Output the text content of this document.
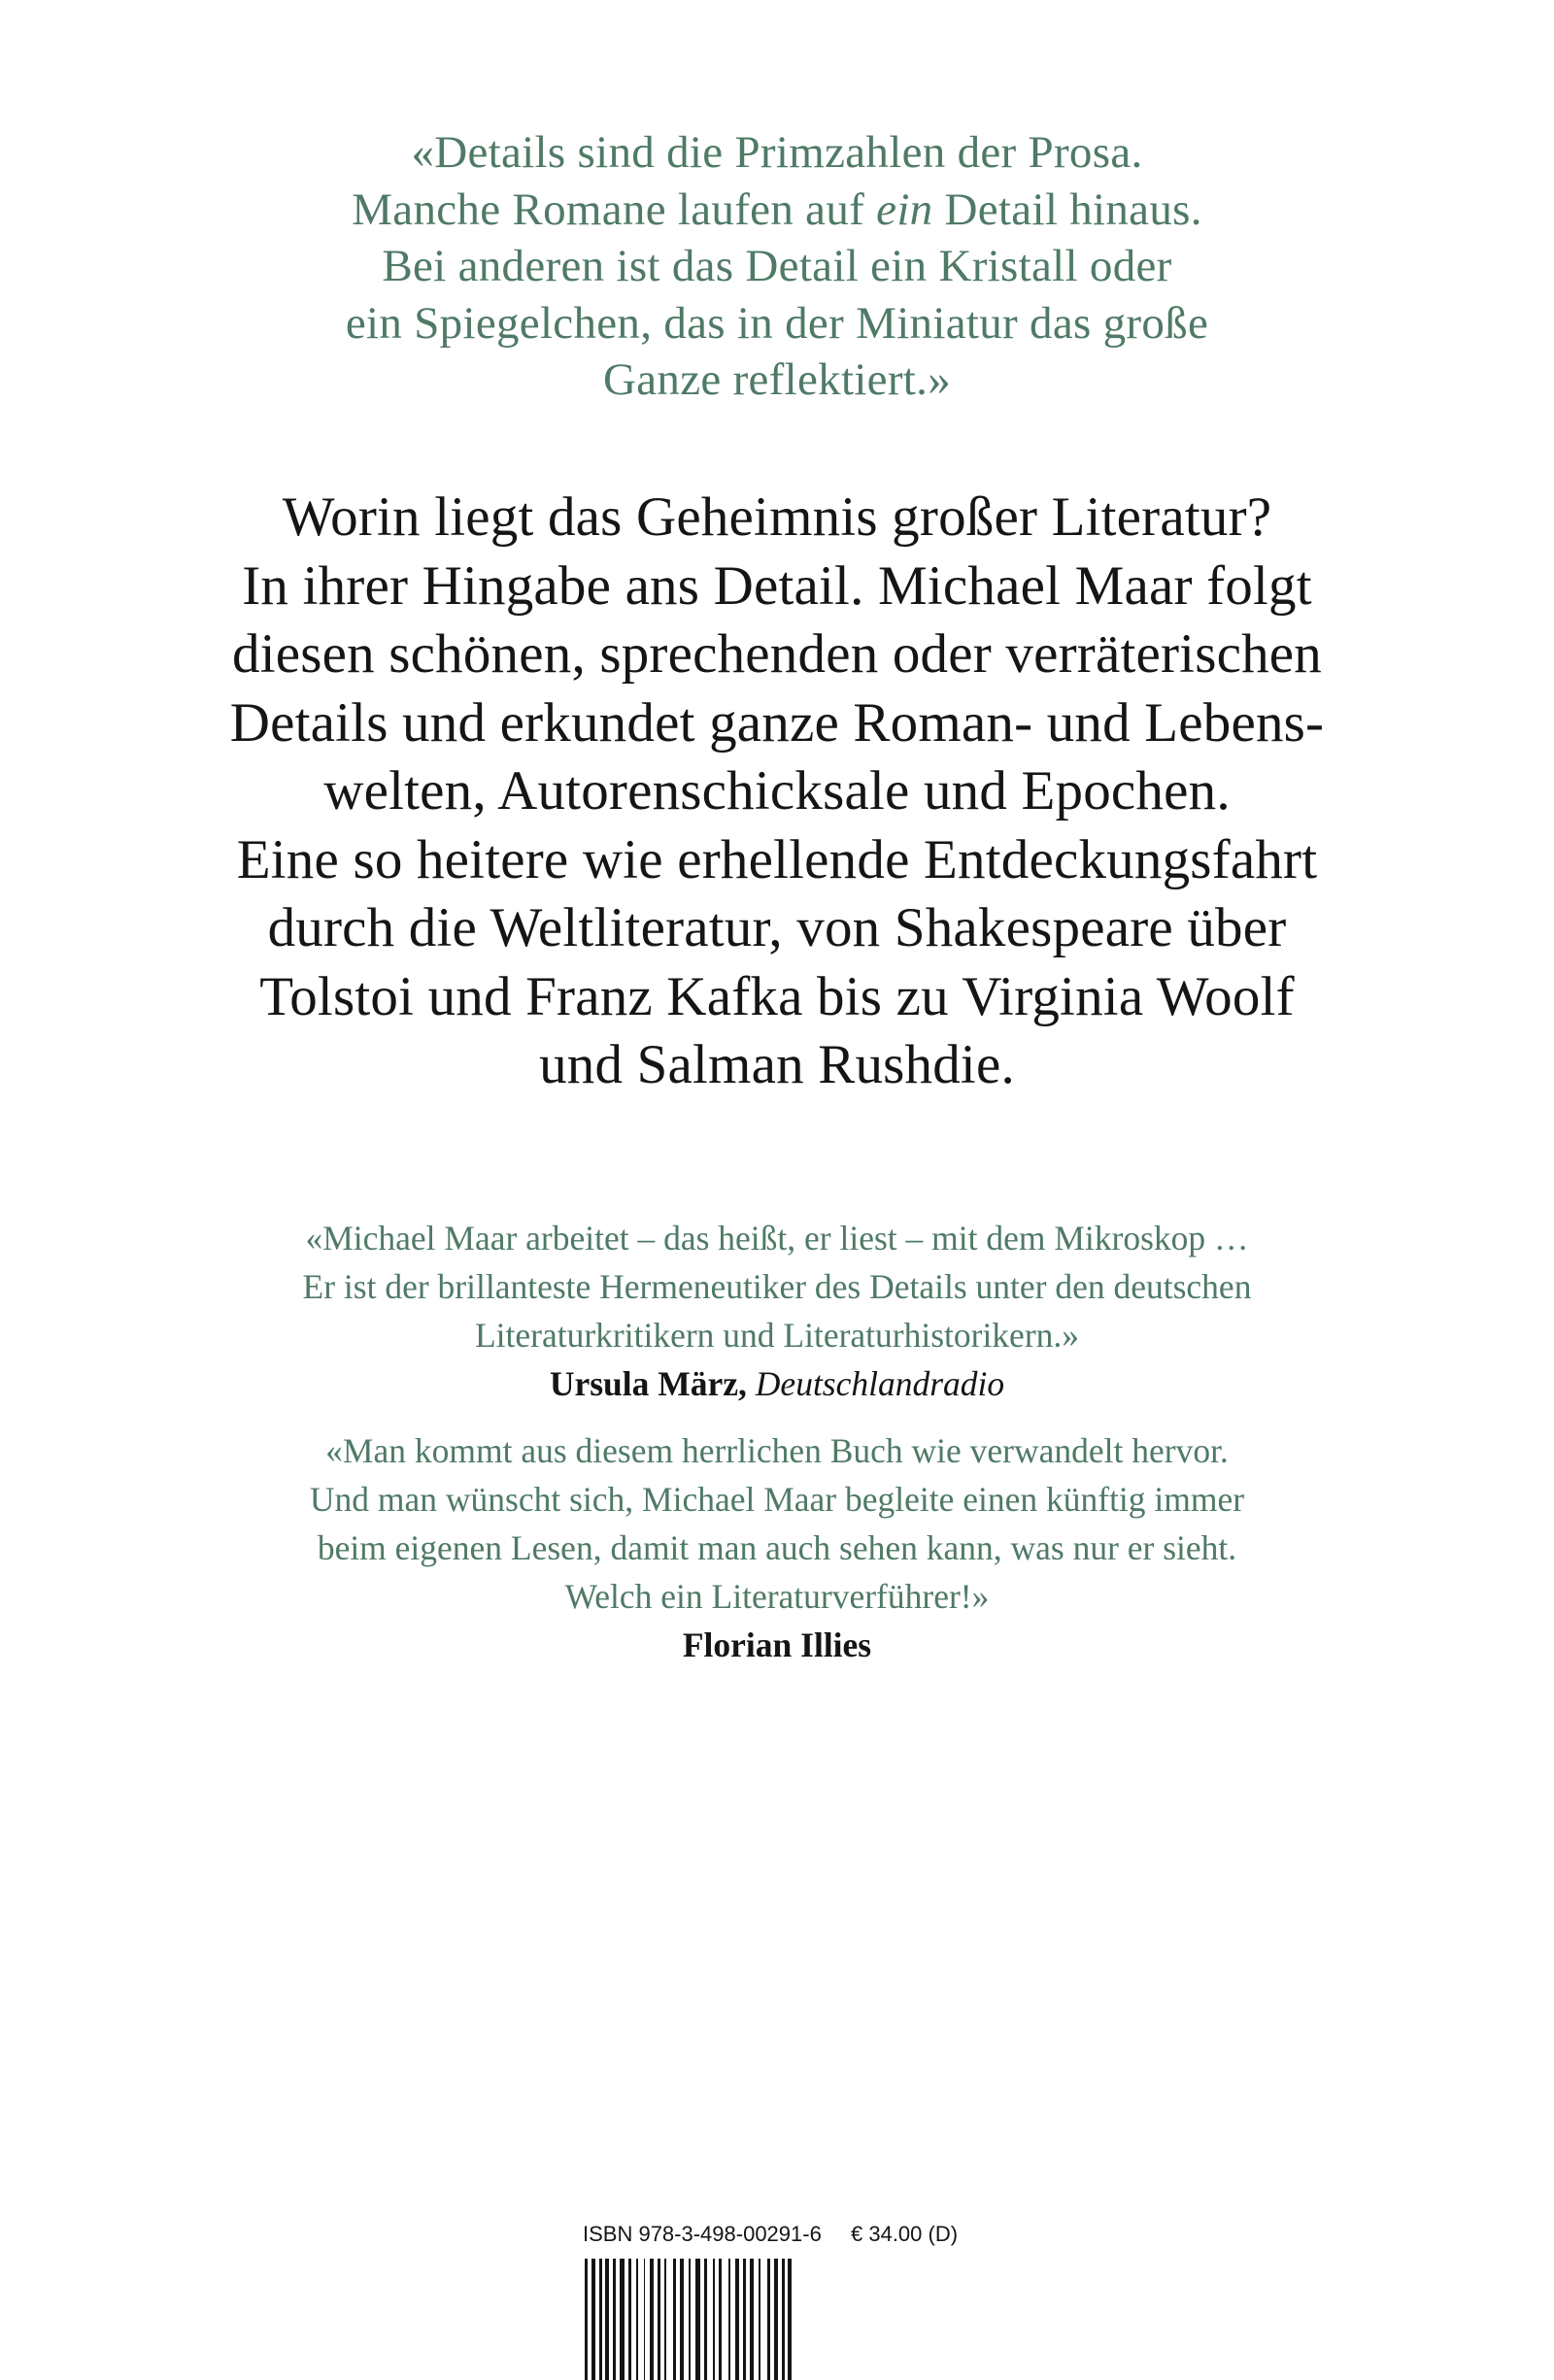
«Details sind die Primzahlen der Prosa.
Manche Romane laufen auf ein Detail hinaus.
Bei anderen ist das Detail ein Kristall oder
ein Spiegelchen, das in der Miniatur das große
Ganze reflektiert.»
Worin liegt das Geheimnis großer Literatur?
In ihrer Hingabe ans Detail. Michael Maar folgt
diesen schönen, sprechenden oder verräterischen
Details und erkundet ganze Roman- und Lebens-
welten, Autorenschicksale und Epochen.
Eine so heitere wie erhellende Entdeckungsfahrt
durch die Weltliteratur, von Shakespeare über
Tolstoi und Franz Kafka bis zu Virginia Woolf
und Salman Rushdie.
«Michael Maar arbeitet – das heißt, er liest – mit dem Mikroskop …
Er ist der brillanteste Hermeneutiker des Details unter den deutschen
Literaturkritikern und Literaturhistorikern.»
Ursula März, Deutschlandradio
«Man kommt aus diesem herrlichen Buch wie verwandelt hervor.
Und man wünscht sich, Michael Maar begleite einen künftig immer
beim eigenen Lesen, damit man auch sehen kann, was nur er sieht.
Welch ein Literaturverführer!»
Florian Illies
ISBN 978-3-498-00291-6 € 34.00 (D)
